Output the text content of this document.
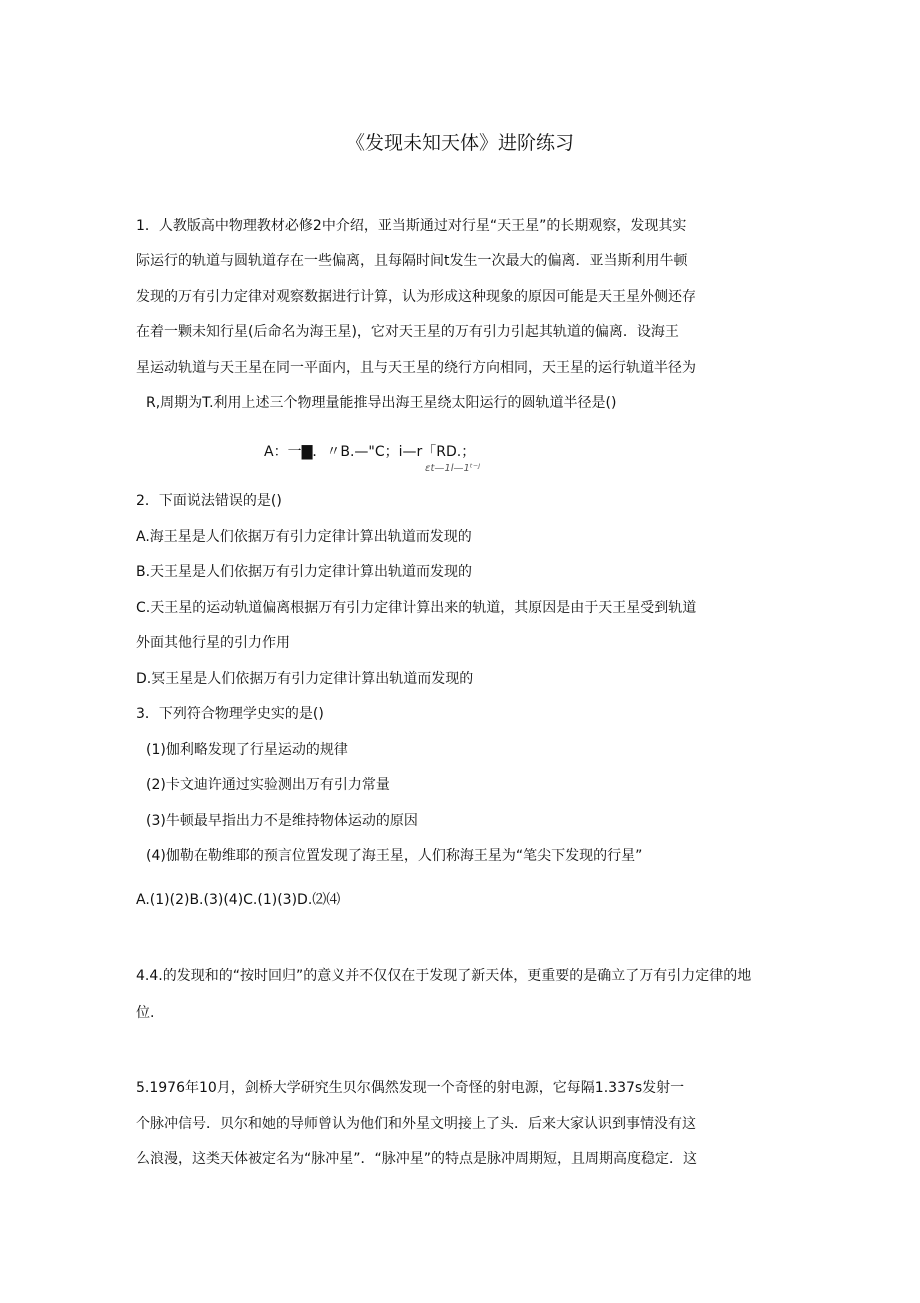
《发现未知天体》进阶练习
1．人教版高中物理教材必修2中介绍，亚当斯通过对行星“天王星”的长期观察，发现其实
际运行的轨道与圆轨道存在一些偏离，且每隔时间t发生一次最大的偏离．亚当斯利用牛顿
发现的万有引力定律对观察数据进行计算，认为形成这种现象的原因可能是天王星外侧还存
在着一颗未知行星(后命名为海王星)，它对天王星的万有引力引起其轨道的偏离．设海王
星运动轨道与天王星在同一平面内，且与天王星的绕行方向相同，天王星的运行轨道半径为
R,周期为T.利用上述三个物理量能推导出海王星绕太阳运行的圆轨道半径是()
A：一▇．〃B.—"C；i—r「RD.；
ɛt—1l—1ᵗ⁻ᴶ
2．下面说法错误的是()
A.海王星是人们依据万有引力定律计算出轨道而发现的
B.天王星是人们依据万有引力定律计算出轨道而发现的
C.天王星的运动轨道偏离根据万有引力定律计算出来的轨道，其原因是由于天王星受到轨道
外面其他行星的引力作用
D.冥王星是人们依据万有引力定律计算出轨道而发现的
3．下列符合物理学史实的是()
(1)伽利略发现了行星运动的规律
(2)卡文迪许通过实验测出万有引力常量
(3)牛顿最早指出力不是维持物体运动的原因
(4)伽勒在勒维耶的预言位置发现了海王星，人们称海王星为“笔尖下发现的行星”
A.(1)(2)B.(3)(4)C.(1)(3)D.⑵⑷
4.4.的发现和的“按时回归”的意义并不仅仅在于发现了新天体，更重要的是确立了万有引力定律的地
位.
5.1976年10月，剑桥大学研究生贝尔偶然发现一个奇怪的射电源，它每隔1.337s发射一
个脉冲信号．贝尔和她的导师曾认为他们和外星文明接上了头．后来大家认识到事情没有这
么浪漫，这类天体被定名为“脉冲星”．“脉冲星”的特点是脉冲周期短，且周期高度稳定．这
